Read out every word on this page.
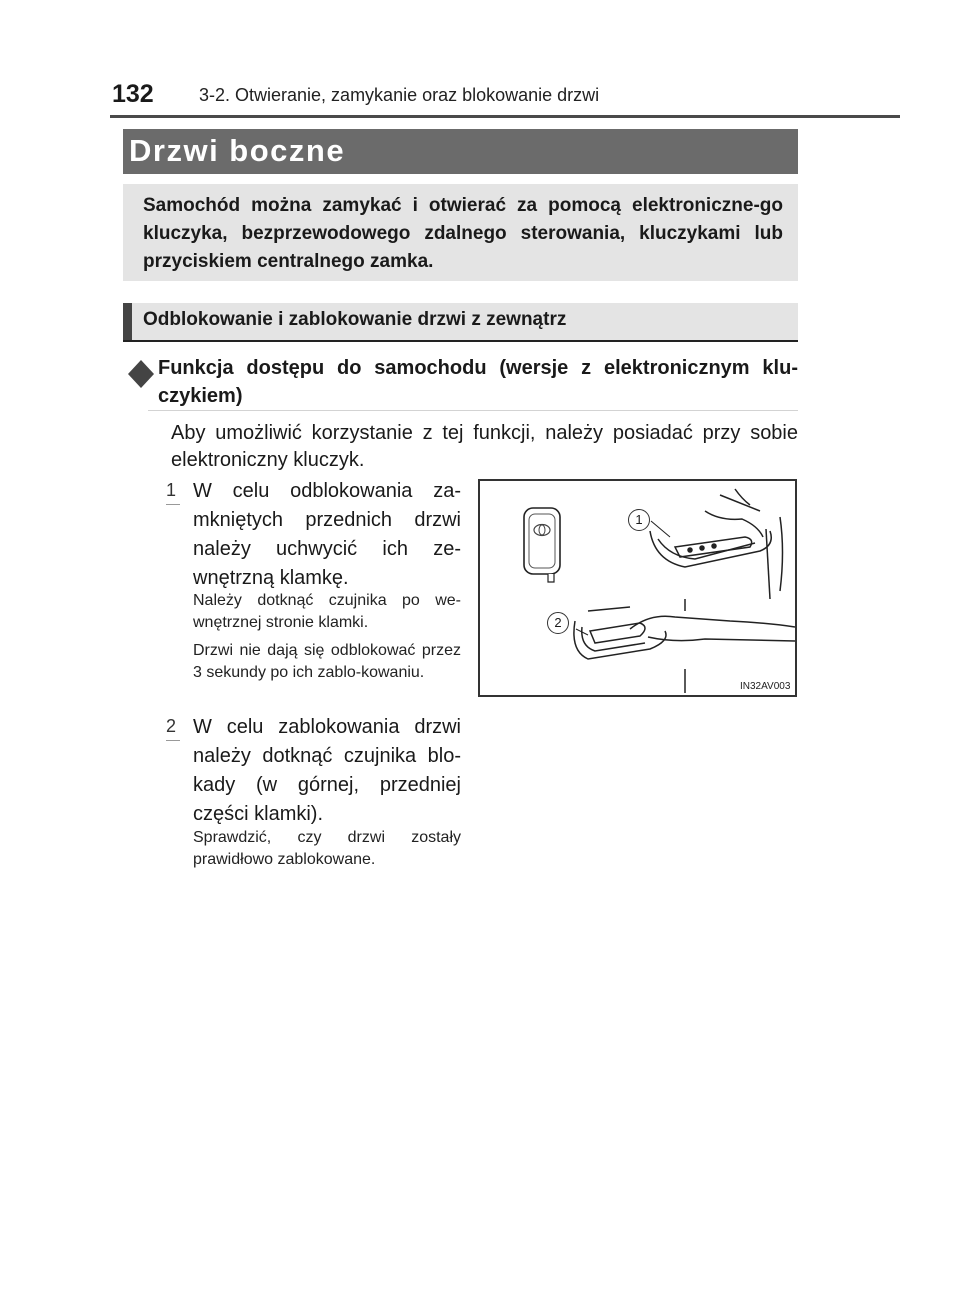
132	3-2. Otwieranie, zamykanie oraz blokowanie drzwi
Drzwi boczne
Samochód można zamykać i otwierać za pomocą elektroniczne-go kluczyka, bezprzewodowego zdalnego sterowania, kluczykami lub przyciskiem centralnego zamka.
Odblokowanie i zablokowanie drzwi z zewnątrz
Funkcja dostępu do samochodu (wersje z elektronicznym klu-czykiem)
Aby umożliwić korzystanie z tej funkcji, należy posiadać przy sobie elektroniczny kluczyk.
1 W celu odblokowania za-mkniętych przednich drzwi należy uchwycić ich ze-wnętrzną klamkę.
Należy dotknąć czujnika po we-wnętrznej stronie klamki.
Drzwi nie dają się odblokować przez 3 sekundy po ich zablo-kowaniu.
2 W celu zablokowania drzwi należy dotknąć czujnika blo-kady (w górnej, przedniej części klamki).
Sprawdzić, czy drzwi zostały prawidłowo zablokowane.
1
2
IN32AV003
